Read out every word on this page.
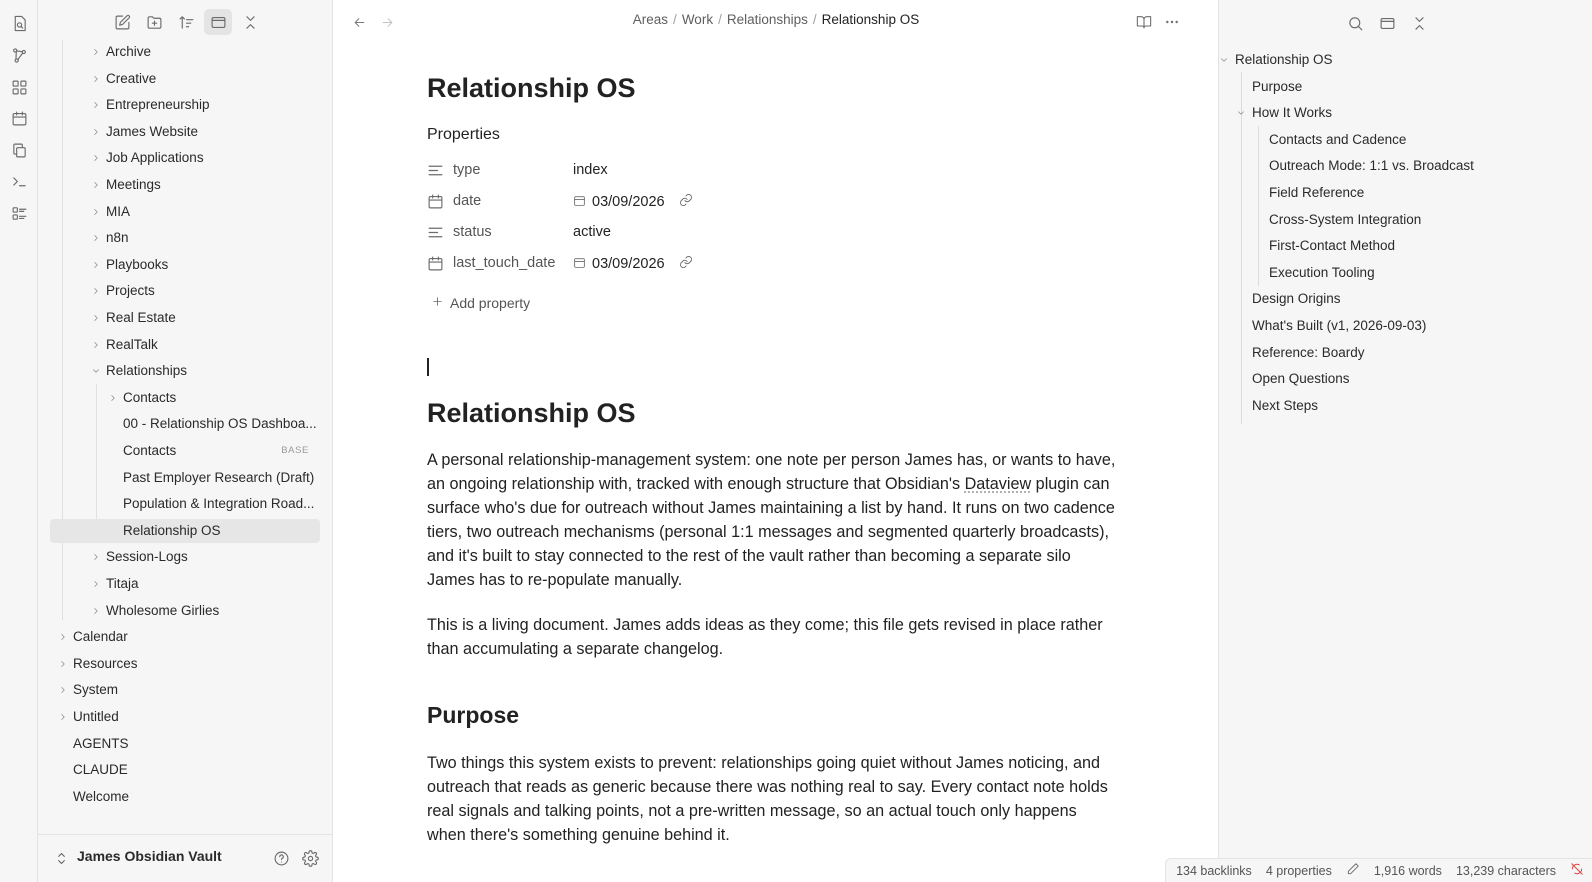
Archive
Creative
Entrepreneurship
James Website
Job Applications
Meetings
MIA
n8n
Playbooks
Projects
Real Estate
RealTalk
Relationships
Contacts
00 - Relationship OS Dashboa...
Contacts	BASE
Past Employer Research (Draft)
Population & Integration Road...
Relationship OS
Session-Logs
Titaja
Wholesome Girlies
Calendar
Resources
System
Untitled
AGENTS
CLAUDE
Welcome
James Obsidian Vault
Areas / Work / Relationships / Relationship OS
Relationship OS
Properties
type	index
date	03/09/2026
status	active
last_touch_date	03/09/2026
Add property
Relationship OS
A personal relationship-management system: one note per person James has, or wants to have, an ongoing relationship with, tracked with enough structure that Obsidian's Dataview plugin can surface who's due for outreach without James maintaining a list by hand. It runs on two cadence tiers, two outreach mechanisms (personal 1:1 messages and segmented quarterly broadcasts), and it's built to stay connected to the rest of the vault rather than becoming a separate silo James has to re-populate manually.
This is a living document. James adds ideas as they come; this file gets revised in place rather than accumulating a separate changelog.
Purpose
Two things this system exists to prevent: relationships going quiet without James noticing, and outreach that reads as generic because there was nothing real to say. Every contact note holds real signals and talking points, not a pre-written message, so an actual touch only happens when there's something genuine behind it.
Relationship OS
Purpose
How It Works
Contacts and Cadence
Outreach Mode: 1:1 vs. Broadcast
Field Reference
Cross-System Integration
First-Contact Method
Execution Tooling
Design Origins
What's Built (v1, 2026-09-03)
Reference: Boardy
Open Questions
Next Steps
134 backlinks 4 properties	1,916 words 13,239 characters
